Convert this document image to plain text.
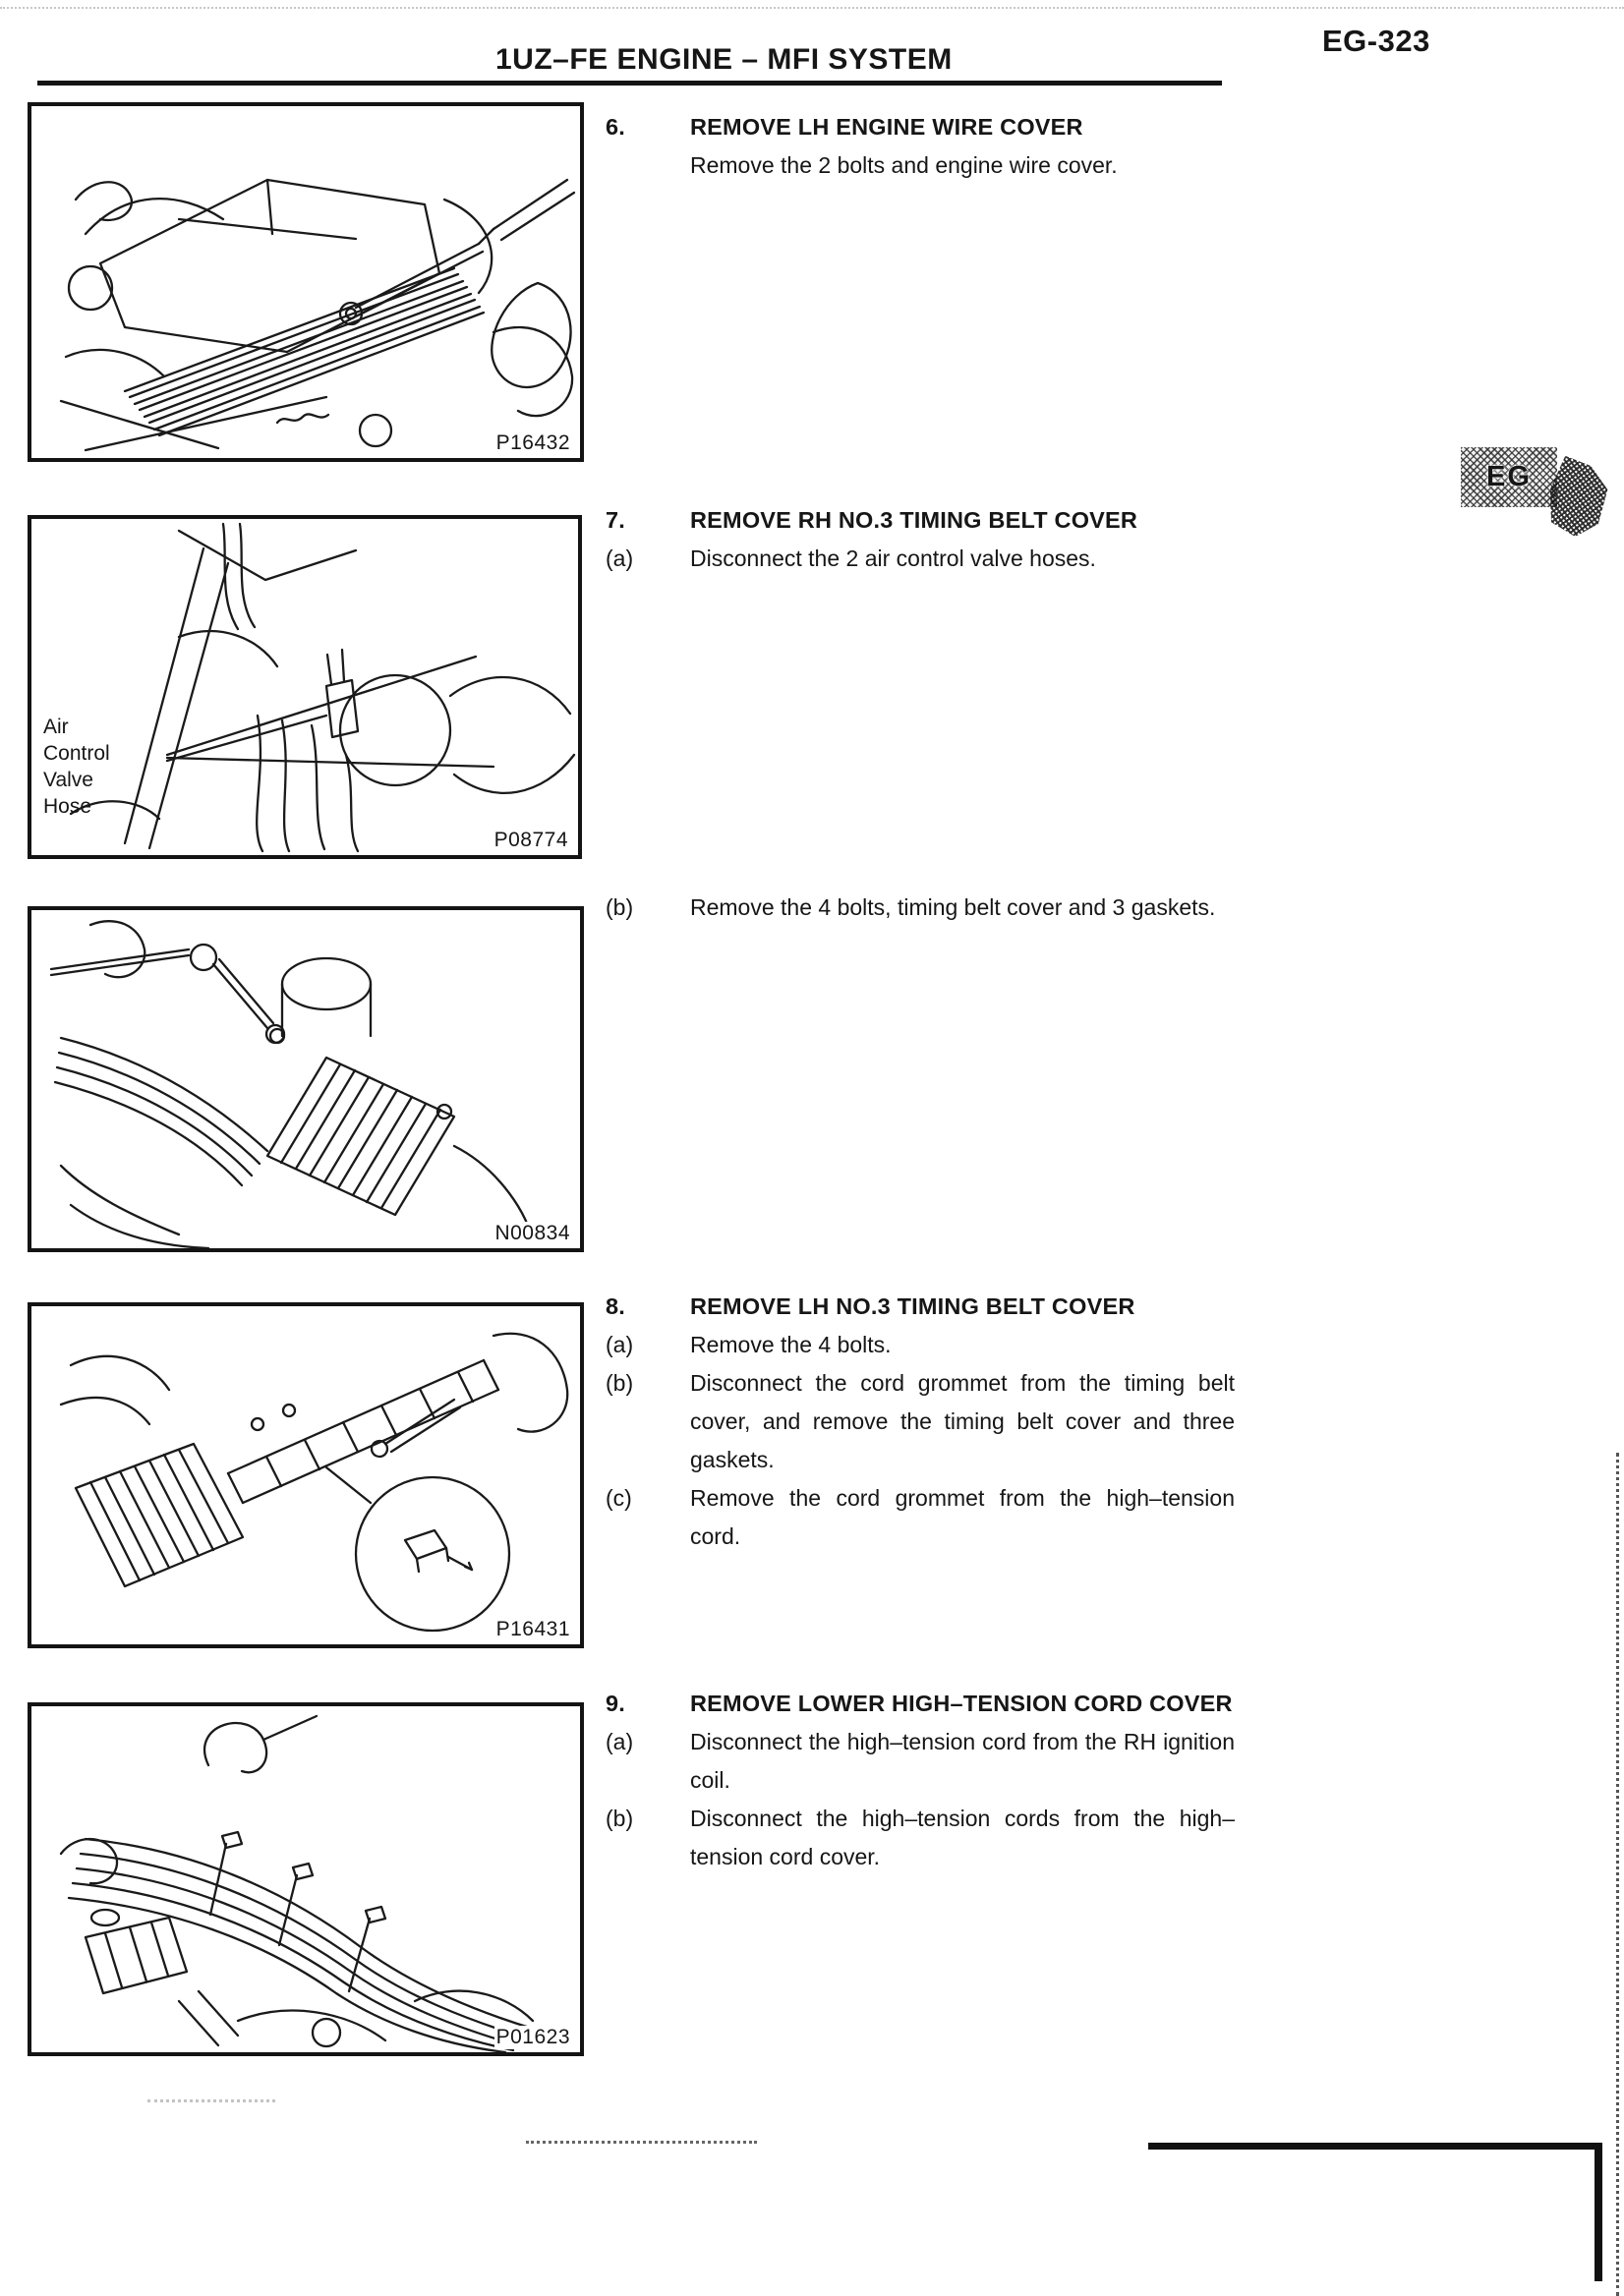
1UZ–FE ENGINE – MFI SYSTEM
EG-323
EG
P16432
6.	REMOVE LH ENGINE WIRE COVER
Remove the 2 bolts and engine wire cover.
Air Control Valve Hose
P08774
7.	REMOVE RH NO.3 TIMING BELT COVER
(a)	Disconnect the 2 air control valve hoses.
(b)	Remove the 4 bolts, timing belt cover and 3 gaskets.
N00834
8.	REMOVE LH NO.3 TIMING BELT COVER
(a)	Remove the 4 bolts.
(b)	Disconnect the cord grommet from the timing belt cover, and remove the timing belt cover and three gaskets.
(c)	Remove the cord grommet from the high–tension cord.
P16431
9.	REMOVE LOWER HIGH–TENSION CORD COVER
(a)	Disconnect the high–tension cord from the RH ignition coil.
(b)	Disconnect the high–tension cords from the high–tension cord cover.
P01623
